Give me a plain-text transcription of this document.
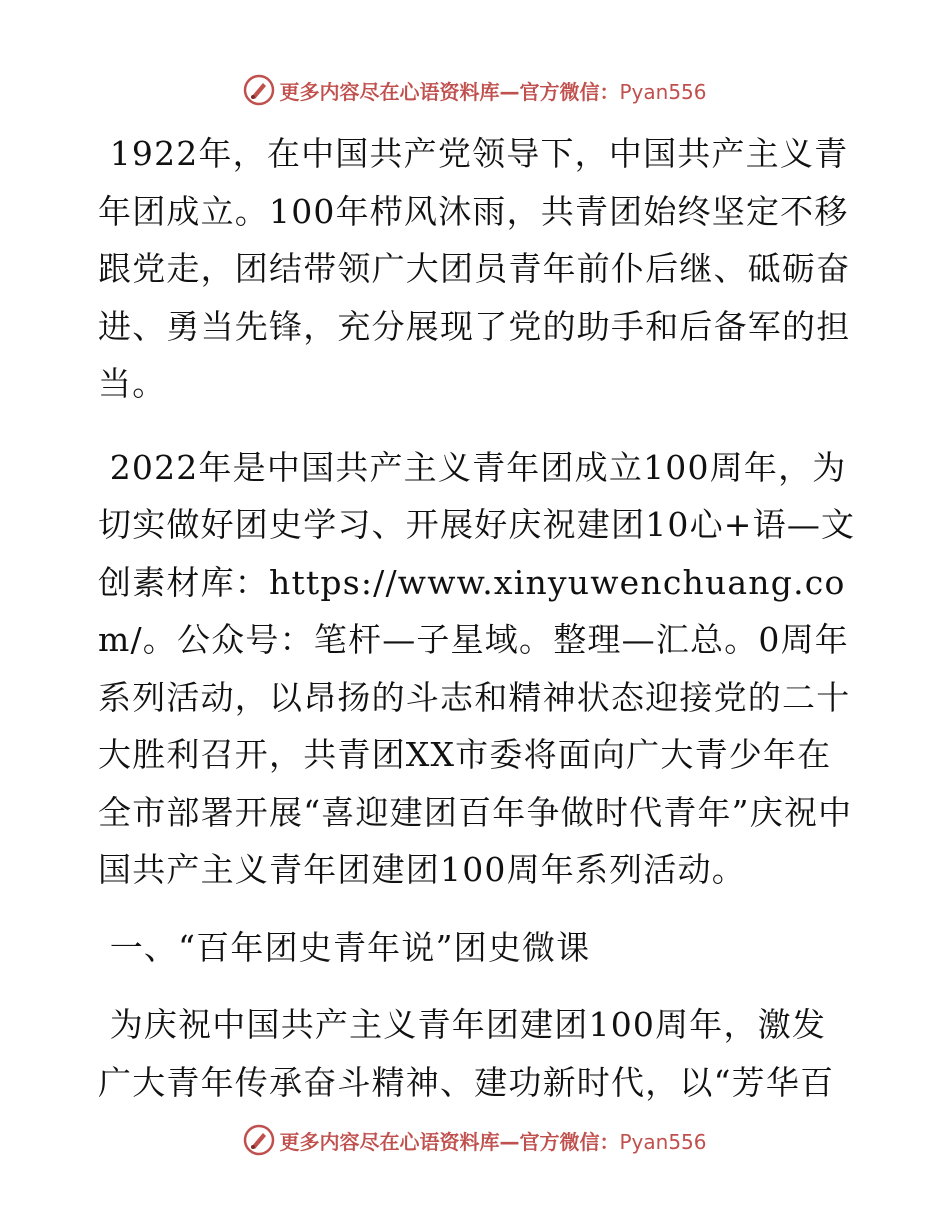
更多内容尽在心语资料库—官方微信：Pyan556

1922年，在中国共产党领导下，中国共产主义青年团成立。100年栉风沐雨，共青团始终坚定不移跟党走，团结带领广大团员青年前仆后继、砥砺奋进、勇当先锋，充分展现了党的助手和后备军的担当。

2022年是中国共产主义青年团成立100周年，为切实做好团史学习、开展好庆祝建团10心+语—文创素材库：https://www.xinyuwenchuang.com/。公众号：笔杆—子星域。整理—汇总。0周年系列活动，以昂扬的斗志和精神状态迎接党的二十大胜利召开，共青团XX市委将面向广大青少年在全市部署开展“喜迎建团百年争做时代青年”庆祝中国共产主义青年团建团100周年系列活动。

一、“百年团史青年说”团史微课

为庆祝中国共产主义青年团建团100周年，激发广大青年传承奋斗精神、建功新时代，以“芳华百

更多内容尽在心语资料库—官方微信：Pyan556
